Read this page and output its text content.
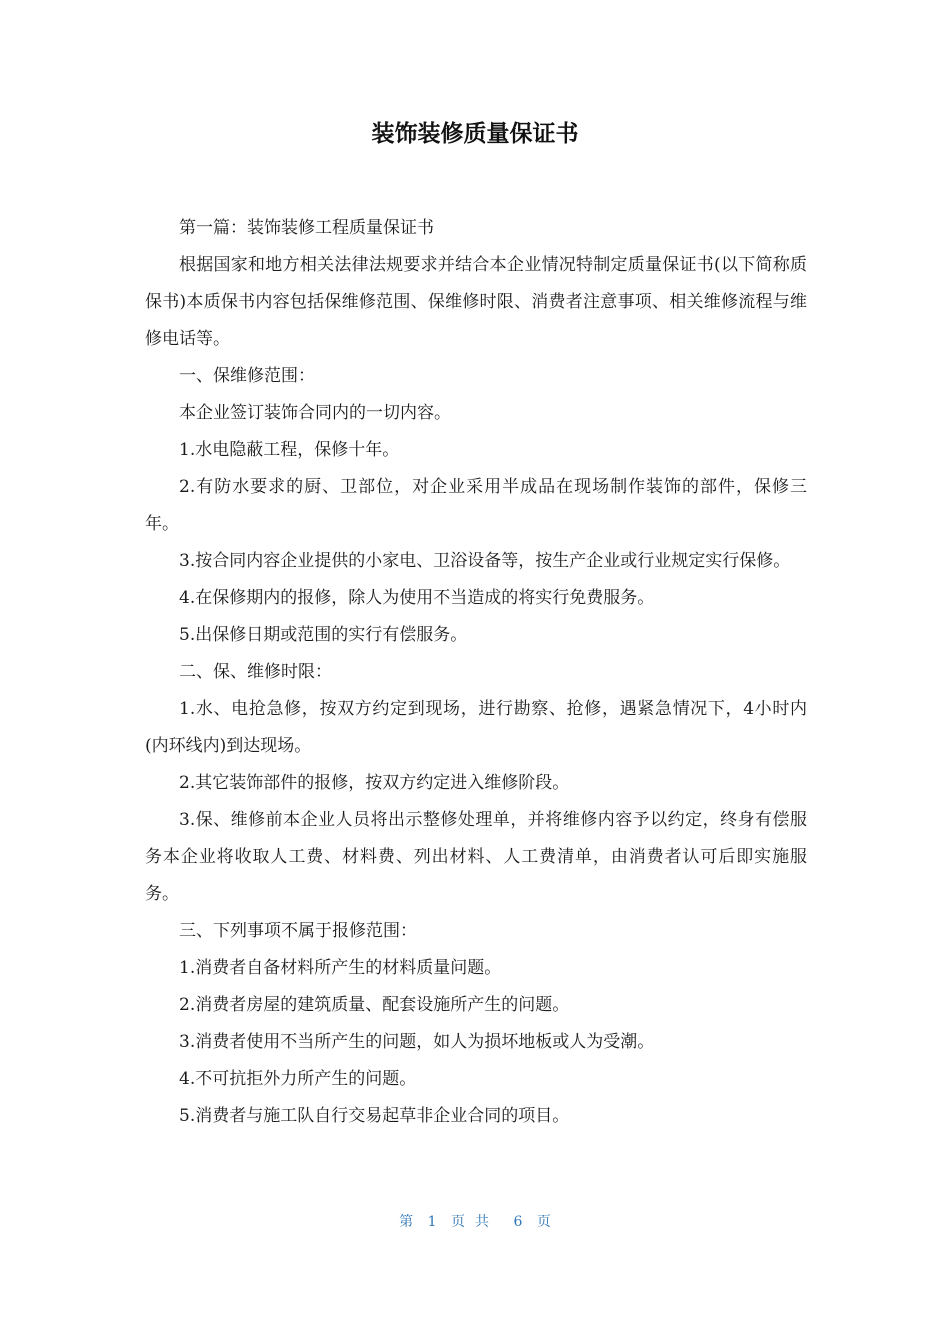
装饰装修质量保证书

第一篇：装饰装修工程质量保证书

根据国家和地方相关法律法规要求并结合本企业情况特制定质量保证书(以下简称质保书)本质保书内容包括保维修范围、保维修时限、消费者注意事项、相关维修流程与维修电话等。

一、保维修范围：

本企业签订装饰合同内的一切内容。

1.水电隐蔽工程，保修十年。

2.有防水要求的厨、卫部位，对企业采用半成品在现场制作装饰的部件，保修三年。

3.按合同内容企业提供的小家电、卫浴设备等，按生产企业或行业规定实行保修。

4.在保修期内的报修，除人为使用不当造成的将实行免费服务。

5.出保修日期或范围的实行有偿服务。

二、保、维修时限：

1.水、电抢急修，按双方约定到现场，进行勘察、抢修，遇紧急情况下，4小时内(内环线内)到达现场。

2.其它装饰部件的报修，按双方约定进入维修阶段。

3.保、维修前本企业人员将出示整修处理单，并将维修内容予以约定，终身有偿服务本企业将收取人工费、材料费、列出材料、人工费清单，由消费者认可后即实施服务。

三、下列事项不属于报修范围：

1.消费者自备材料所产生的材料质量问题。

2.消费者房屋的建筑质量、配套设施所产生的问题。

3.消费者使用不当所产生的问题，如人为损坏地板或人为受潮。

4.不可抗拒外力所产生的问题。

5.消费者与施工队自行交易起草非企业合同的项目。

第 1 页共 6 页
